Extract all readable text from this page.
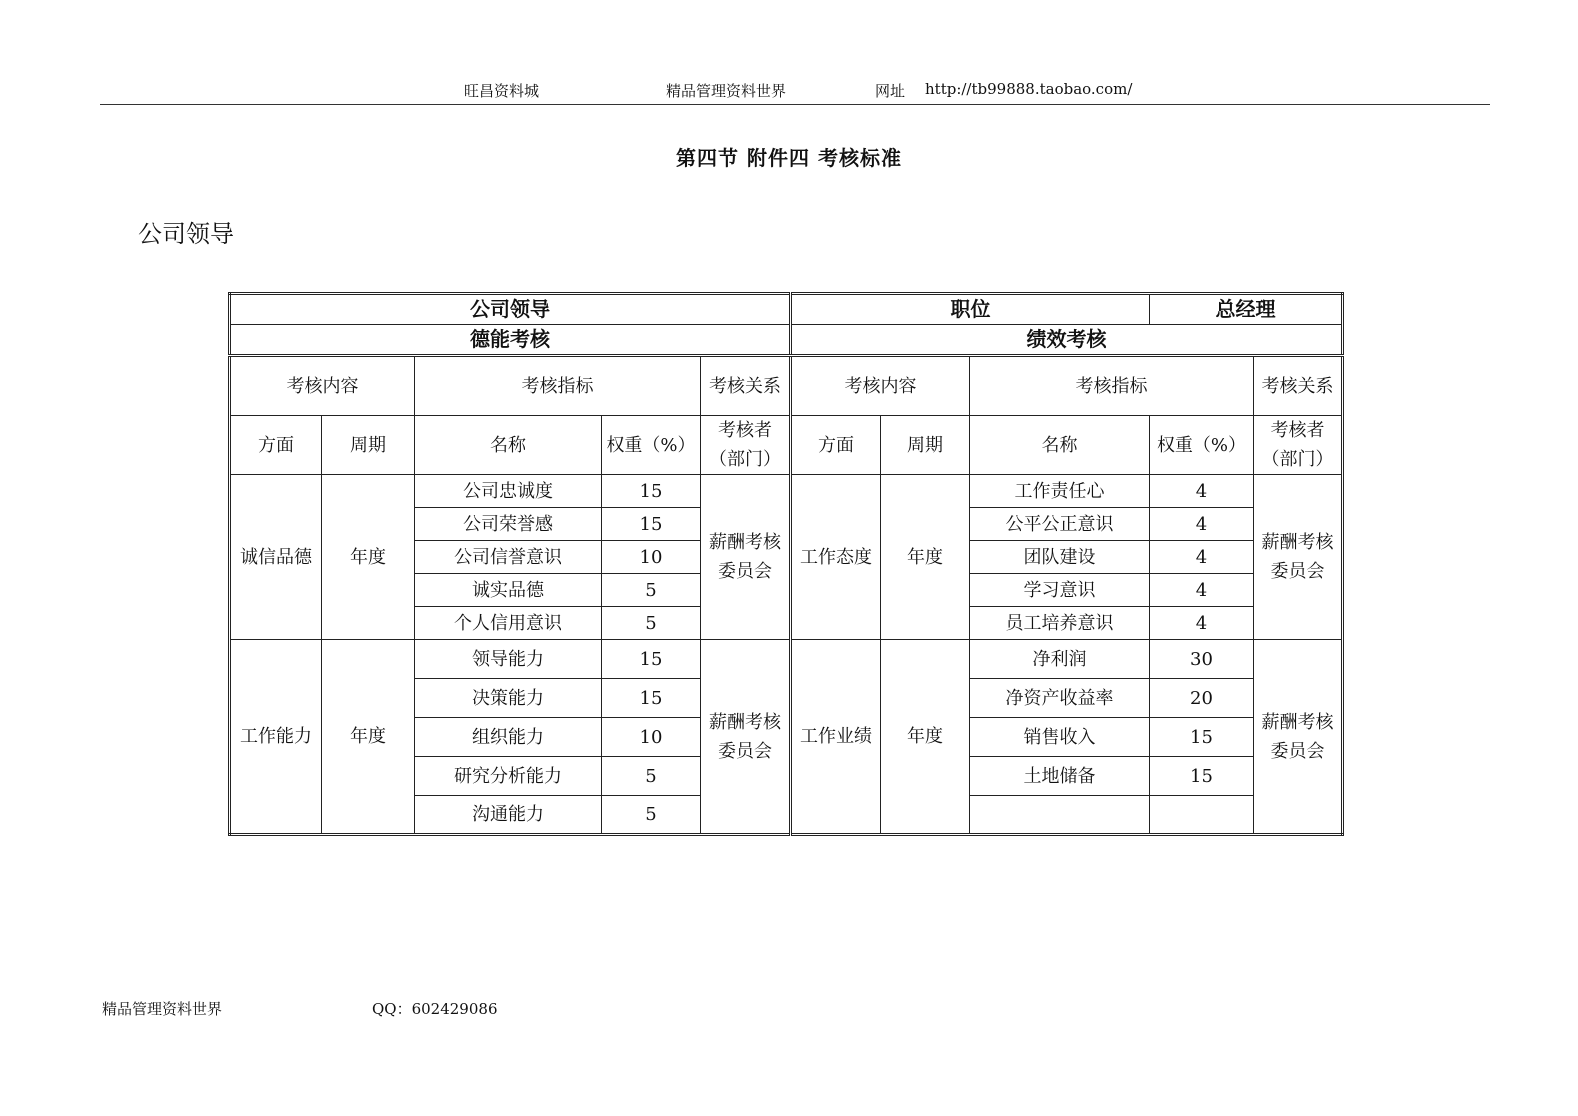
旺昌资料城	精品管理资料世界	网址 http://tb99888.taobao.com/
第四节 附件四 考核标准
公司领导
公司领导					职位			总经理	
德能考核					绩效考核				
考核内容		考核指标		考核关系	考核内容		考核指标		考核关系
方面	周期	名称	权重（%）	考核者（部门）	方面	周期	名称	权重（%）	考核者（部门）
诚信品德	年度	公司忠诚度	15	薪酬考核委员会	工作态度	年度	工作责任心	4	薪酬考核委员会
		公司荣誉感	15				公平公正意识	4	
		公司信誉意识	10				团队建设	4	
		诚实品德	5				学习意识	4	
		个人信用意识	5				员工培养意识	4	
工作能力	年度	领导能力	15	薪酬考核委员会	工作业绩	年度	净利润	30	薪酬考核委员会
		决策能力	15				净资产收益率	20	
		组织能力	10				销售收入	15	
		研究分析能力	5				土地储备	15	
		沟通能力	5						
精品管理资料世界	QQ：602429086
